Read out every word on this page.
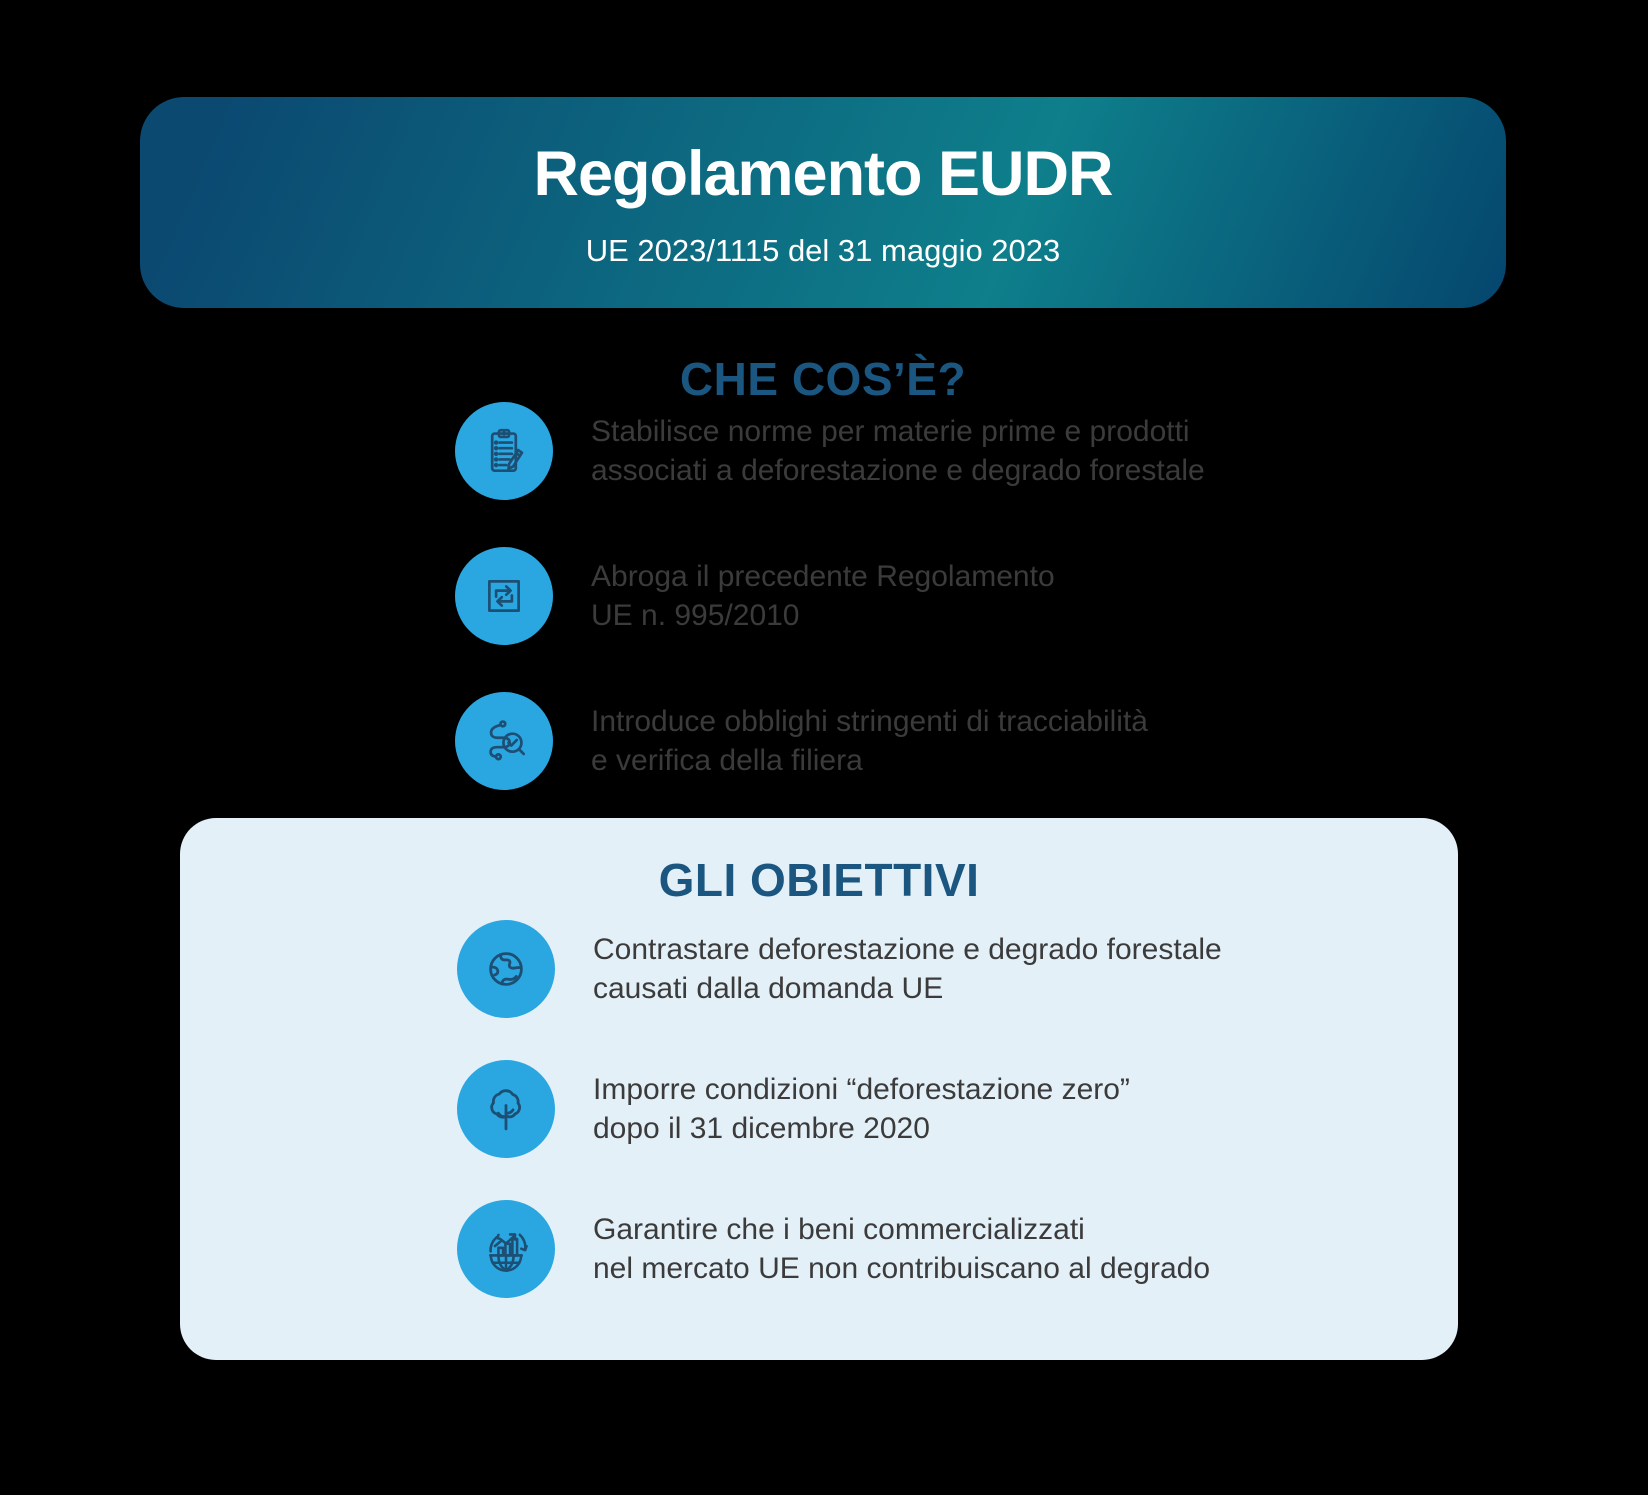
Regolamento EUDR
UE 2023/1115 del 31 maggio 2023
CHE COS’È?
Stabilisce norme per materie prime e prodotti
associati a deforestazione e degrado forestale
Abroga il precedente Regolamento
UE n. 995/2010
Introduce obblighi stringenti di tracciabilità
e verifica della filiera
GLI OBIETTIVI
Contrastare deforestazione e degrado forestale
causati dalla domanda UE
Imporre condizioni “deforestazione zero”
dopo il 31 dicembre 2020
Garantire che i beni commercializzati
nel mercato UE non contribuiscano al degrado
